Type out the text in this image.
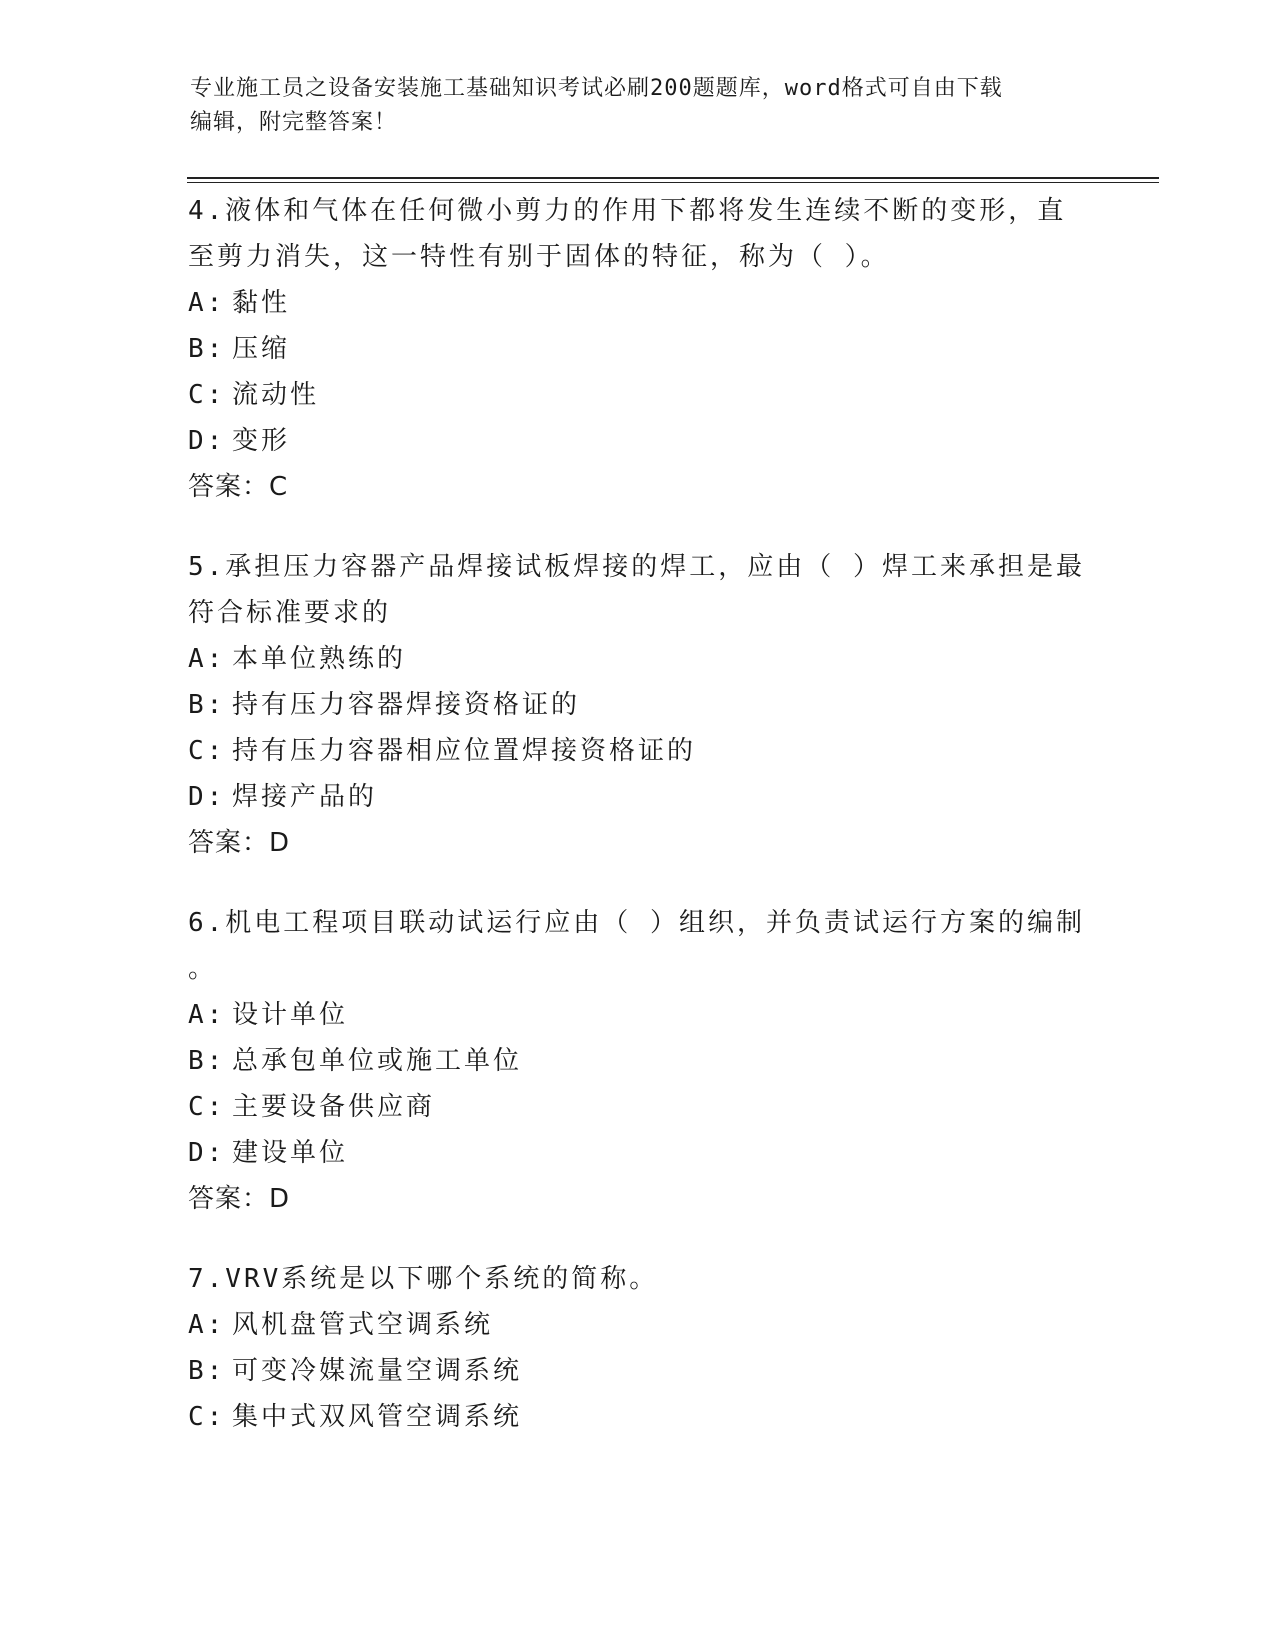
专业施工员之设备安装施工基础知识考试必刷200题题库，word格式可自由下载
编辑，附完整答案！

4.液体和气体在任何微小剪力的作用下都将发生连续不断的变形，直

至剪力消失，这一特性有别于固体的特征，称为（ ）。

A: 黏性

B: 压缩

C: 流动性

D: 变形

答案：C

5.承担压力容器产品焊接试板焊接的焊工，应由（ ）焊工来承担是最

符合标准要求的

A: 本单位熟练的

B: 持有压力容器焊接资格证的

C: 持有压力容器相应位置焊接资格证的

D: 焊接产品的

答案：D

6.机电工程项目联动试运行应由（ ）组织，并负责试运行方案的编制

。

A: 设计单位

B: 总承包单位或施工单位

C: 主要设备供应商

D: 建设单位

答案：D

7.VRV系统是以下哪个系统的简称。

A: 风机盘管式空调系统

B: 可变冷媒流量空调系统

C: 集中式双风管空调系统
